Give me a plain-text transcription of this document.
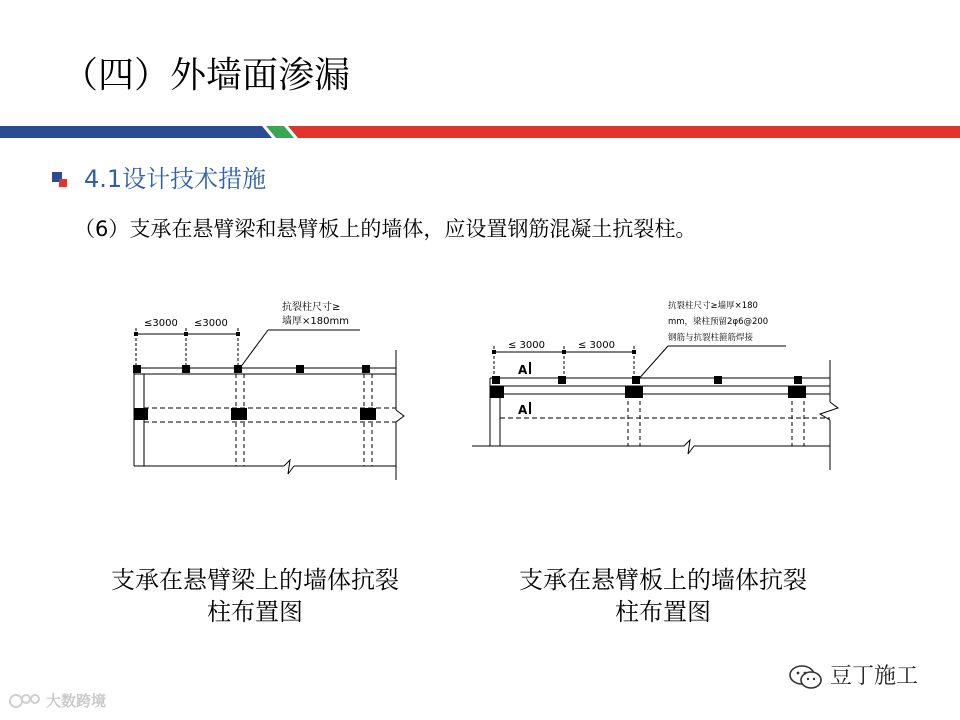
（四）外墙面渗漏
4.1设计技术措施
（6）支承在悬臂梁和悬臂板上的墙体，应设置钢筋混凝土抗裂柱。
≤3000 ≤3000
抗裂柱尺寸≥
墙厚×180mm
≤ 3000	≤ 3000
抗裂柱尺寸≥墙厚×180
mm，梁柱预留2φ6@200
钢筋与抗裂柱箍筋焊接
A
A
支承在悬臂梁上的墙体抗裂
柱布置图
支承在悬臂板上的墙体抗裂
柱布置图
豆丁施工
大数跨境
